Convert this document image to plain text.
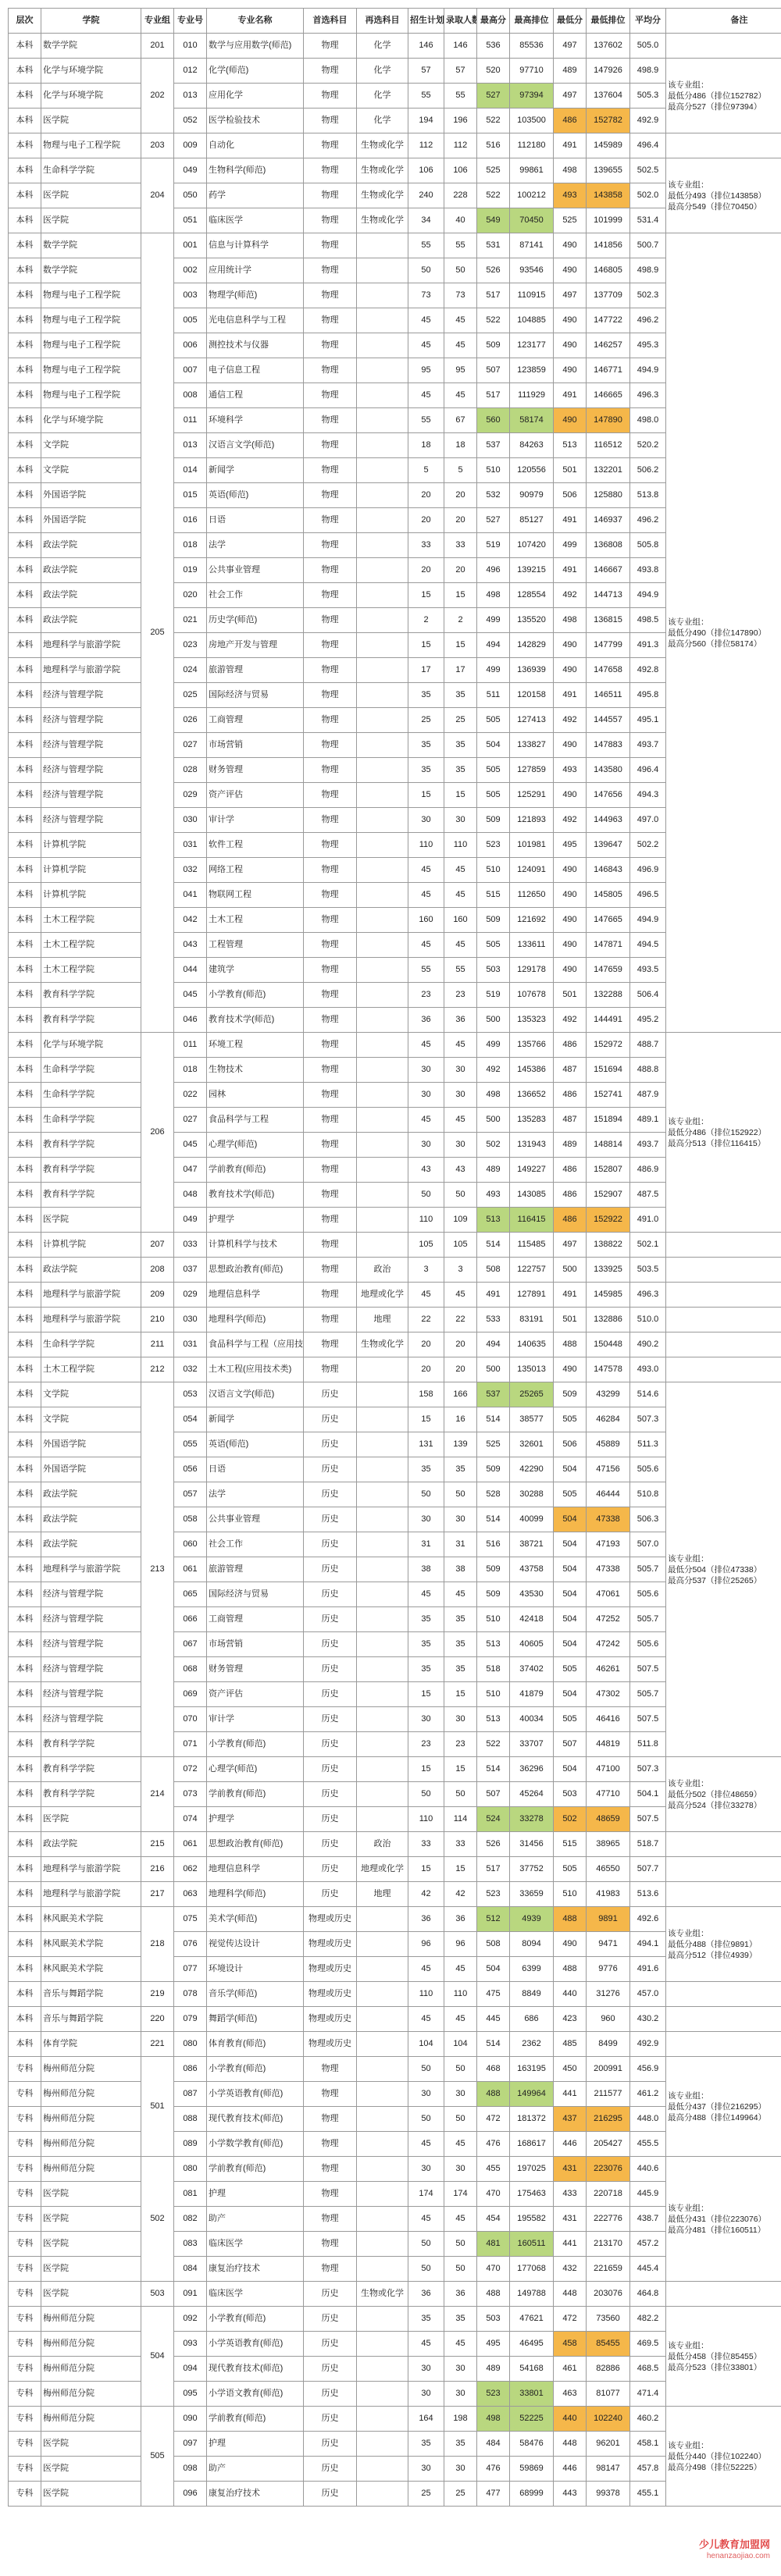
层次	学院	专业组	专业号	专业名称	首选科目	再选科目	招生计划	录取人	最高分	最高排位	最低分	最低排位	平均分	备注
本科	数学学院	201	010	数学与应用数学(师范)	物理	化学	146	146	536	85536	497	137602	505.0	
本科	化学与环境学院	202	012	化学(师范)	物理	化学	57	57	520	97710	489	147926	498.9	该专业组：
最低分486（排位152782）
最高分527（排位97394）
本科	化学与环境学院		013	应用化学	物理	化学	55	55	527	97394	497	137604	505.3	
本科	医学院		052	医学检验技术	物理	化学	194	196	522	103500	486	152782	492.9	
本科	物理与电子工程学院	203	009	自动化	物理	生物或化学	112	112	516	112180	491	145989	496.4	
本科	生命科学学院	204	049	生物科学(师范)	物理	生物或化学	106	106	525	99861	498	139655	502.5	该专业组：
最低分493（排位143858）
最高分549（排位70450）
本科	医学院		050	药学	物理	生物或化学	240	228	522	100212	493	143858	502.0	
本科	医学院		051	临床医学	物理	生物或化学	34	40	549	70450	525	101999	531.4	
本科	数学学院	205	001	信息与计算科学	物理		55	55	531	87141	490	141856	500.7	该专业组：
最低分490（排位147890）
最高分560（排位58174）
本科	数学学院		002	应用统计学	物理		50	50	526	93546	490	146805	498.9	
本科	物理与电子工程学院		003	物理学(师范)	物理		73	73	517	110915	497	137709	502.3	
本科	物理与电子工程学院		005	光电信息科学与工程	物理		45	45	522	104885	490	147722	496.2	
本科	物理与电子工程学院		006	测控技术与仪器	物理		45	45	509	123177	490	146257	495.3	
本科	物理与电子工程学院		007	电子信息工程	物理		95	95	507	123859	490	146771	494.9	
本科	物理与电子工程学院		008	通信工程	物理		45	45	517	111929	491	146665	496.3	
本科	化学与环境学院		011	环境科学	物理		55	67	560	58174	490	147890	498.0	
本科	文学院		013	汉语言文学(师范)	物理		18	18	537	84263	513	116512	520.2	
本科	文学院		014	新闻学	物理		5	5	510	120556	501	132201	506.2	
本科	外国语学院		015	英语(师范)	物理		20	20	532	90979	506	125880	513.8	
本科	外国语学院		016	日语	物理		20	20	527	85127	491	146937	496.2	
本科	政法学院		018	法学	物理		33	33	519	107420	499	136808	505.8	
本科	政法学院		019	公共事业管理	物理		20	20	496	139215	491	146667	493.8	
本科	政法学院		020	社会工作	物理		15	15	498	128554	492	144713	494.9	
本科	政法学院		021	历史学(师范)	物理		2	2	499	135520	498	136815	498.5	
本科	地理科学与旅游学院		023	房地产开发与管理	物理		15	15	494	142829	490	147799	491.3	
本科	地理科学与旅游学院		024	旅游管理	物理		17	17	499	136939	490	147658	492.8	
本科	经济与管理学院		025	国际经济与贸易	物理		35	35	511	120158	491	146511	495.8	
本科	经济与管理学院		026	工商管理	物理		25	25	505	127413	492	144557	495.1	
本科	经济与管理学院		027	市场营销	物理		35	35	504	133827	490	147883	493.7	
本科	经济与管理学院		028	财务管理	物理		35	35	505	127859	493	143580	496.4	
本科	经济与管理学院		029	资产评估	物理		15	15	505	125291	490	147656	494.3	
本科	经济与管理学院		030	审计学	物理		30	30	509	121893	492	144963	497.0	
本科	计算机学院		031	软件工程	物理		110	110	523	101981	495	139647	502.2	
本科	计算机学院		032	网络工程	物理		45	45	510	124091	490	146843	496.9	
本科	计算机学院		041	物联网工程	物理		45	45	515	112650	490	145805	496.5	
本科	土木工程学院		042	土木工程	物理		160	160	509	121692	490	147665	494.9	
本科	土木工程学院		043	工程管理	物理		45	45	505	133611	490	147871	494.5	
本科	土木工程学院		044	建筑学	物理		55	55	503	129178	490	147659	493.5	
本科	教育科学学院		045	小学教育(师范)	物理		23	23	519	107678	501	132288	506.4	
本科	教育科学学院		046	教育技术学(师范)	物理		36	36	500	135323	492	144491	495.2	
本科	化学与环境学院	206	011	环境工程	物理		45	45	499	135766	486	152972	488.7	该专业组：
最低分486（排位152922）
最高分513（排位116415）
本科	生命科学学院		018	生物技术	物理		30	30	492	145386	487	151694	488.8	
本科	生命科学学院		022	园林	物理		30	30	498	136652	486	152741	487.9	
本科	生命科学学院		027	食品科学与工程	物理		45	45	500	135283	487	151894	489.1	
本科	教育科学学院		045	心理学(师范)	物理		30	30	502	131943	489	148814	493.7	
本科	教育科学学院		047	学前教育(师范)	物理		43	43	489	149227	486	152807	486.9	
本科	教育科学学院		048	教育技术学(师范)	物理		50	50	493	143085	486	152907	487.5	
本科	医学院		049	护理学	物理		110	109	513	116415	486	152922	491.0	
本科	计算机学院	207	033	计算机科学与技术	物理		105	105	514	115485	497	138822	502.1	
本科	政法学院	208	037	思想政治教育(师范)	物理	政治	3	3	508	122757	500	133925	503.5	
本科	地理科学与旅游学院	209	029	地理信息科学	物理	地理或化学	45	45	491	127891	491	145985	496.3	
本科	地理科学与旅游学院	210	030	地理科学(师范)	物理	地理	22	22	533	83191	501	132886	510.0	
本科	生命科学学院	211	031	食品科学与工程（应用技	物理	生物或化学	20	20	494	140635	488	150448	490.2	
本科	土木工程学院	212	032	土木工程(应用技术类)	物理		20	20	500	135013	490	147578	493.0	
本科	文学院	213	053	汉语言文学(师范)	历史		158	166	537	25265	509	43299	514.6	该专业组：
最低分504（排位47338）
最高分537（排位25265）
本科	文学院		054	新闻学	历史		15	16	514	38577	505	46284	507.3	
本科	外国语学院		055	英语(师范)	历史		131	139	525	32601	506	45889	511.3	
本科	外国语学院		056	日语	历史		35	35	509	42290	504	47156	505.6	
本科	政法学院		057	法学	历史		50	50	528	30288	505	46444	510.8	
本科	政法学院		058	公共事业管理	历史		30	30	514	40099	504	47338	506.3	
本科	政法学院		060	社会工作	历史		31	31	516	38721	504	47193	507.0	
本科	地理科学与旅游学院		061	旅游管理	历史		38	38	509	43758	504	47338	505.7	
本科	经济与管理学院		065	国际经济与贸易	历史		45	45	509	43530	504	47061	505.6	
本科	经济与管理学院		066	工商管理	历史		35	35	510	42418	504	47252	505.7	
本科	经济与管理学院		067	市场营销	历史		35	35	513	40605	504	47242	505.6	
本科	经济与管理学院		068	财务管理	历史		35	35	518	37402	505	46261	507.5	
本科	经济与管理学院		069	资产评估	历史		15	15	510	41879	504	47302	505.7	
本科	经济与管理学院		070	审计学	历史		30	30	513	40034	505	46416	507.5	
本科	教育科学学院		071	小学教育(师范)	历史		23	23	522	33707	507	44819	511.8	
本科	教育科学学院	214	072	心理学(师范)	历史		15	15	514	36296	504	47100	507.3	该专业组：
最低分502（排位48659）
最高分524（排位33278）
本科	教育科学学院		073	学前教育(师范)	历史		50	50	507	45264	503	47710	504.1	
本科	医学院		074	护理学	历史		110	114	524	33278	502	48659	507.5	
本科	政法学院	215	061	思想政治教育(师范)	历史	政治	33	33	526	31456	515	38965	518.7	
本科	地理科学与旅游学院	216	062	地理信息科学	历史	地理或化学	15	15	517	37752	505	46550	507.7	
本科	地理科学与旅游学院	217	063	地理科学(师范)	历史	地理	42	42	523	33659	510	41983	513.6	
本科	林风眠美术学院	218	075	美术学(师范)	物理或历史		36	36	512	4939	488	9891	492.6	该专业组：
最低分488（排位9891）
最高分512（排位4939）
本科	林风眠美术学院		076	视觉传达设计	物理或历史		96	96	508	8094	490	9471	494.1	
本科	林风眠美术学院		077	环境设计	物理或历史		45	45	504	6399	488	9776	491.6	
本科	音乐与舞蹈学院	219	078	音乐学(师范)	物理或历史		110	110	475	8849	440	31276	457.0	
本科	音乐与舞蹈学院	220	079	舞蹈学(师范)	物理或历史		45	45	445	686	423	960	430.2	
本科	体育学院	221	080	体育教育(师范)	物理或历史		104	104	514	2362	485	8499	492.9	
专科	梅州师范分院	501	086	小学教育(师范)	物理		50	50	468	163195	450	200991	456.9	该专业组：
最低分437（排位216295）
最高分488（排位149964）
专科	梅州师范分院		087	小学英语教育(师范)	物理		30	30	488	149964	441	211577	461.2	
专科	梅州师范分院		088	现代教育技术(师范)	物理		50	50	472	181372	437	216295	448.0	
专科	梅州师范分院		089	小学数学教育(师范)	物理		45	45	476	168617	446	205427	455.5	
专科	梅州师范分院	502	080	学前教育(师范)	物理		30	30	455	197025	431	223076	440.6	该专业组：
最低分431（排位223076）
最高分481（排位160511）
专科	医学院		081	护理	物理		174	174	470	175463	433	220718	445.9	
专科	医学院		082	助产	物理		45	45	454	195582	431	222776	438.7	
专科	医学院		083	临床医学	物理		50	50	481	160511	441	213170	457.2	
专科	医学院		084	康复治疗技术	物理		50	50	470	177068	432	221659	445.4	
专科	医学院	503	091	临床医学	历史	生物或化学	36	36	488	149788	448	203076	464.8	
专科	梅州师范分院	504	092	小学教育(师范)	历史		35	35	503	47621	472	73560	482.2	该专业组：
最低分458（排位85455）
最高分523（排位33801）
专科	梅州师范分院		093	小学英语教育(师范)	历史		45	45	495	46495	458	85455	469.5	
专科	梅州师范分院		094	现代教育技术(师范)	历史		30	30	489	54168	461	82886	468.5	
专科	梅州师范分院		095	小学语文教育(师范)	历史		30	30	523	33801	463	81077	471.4	
专科	梅州师范分院	505	090	学前教育(师范)	历史		164	198	498	52225	440	102240	460.2	该专业组：
最低分440（排位102240）
最高分498（排位52225）
专科	医学院		097	护理	历史		35	35	484	58476	448	96201	458.1	
专科	医学院		098	助产	历史		30	30	476	59869	446	98147	457.8	
专科	医学院		096	康复治疗技术	历史		25	25	477	68999	443	99378	455.1	
少儿教育加盟网
henanzaojiao.com
